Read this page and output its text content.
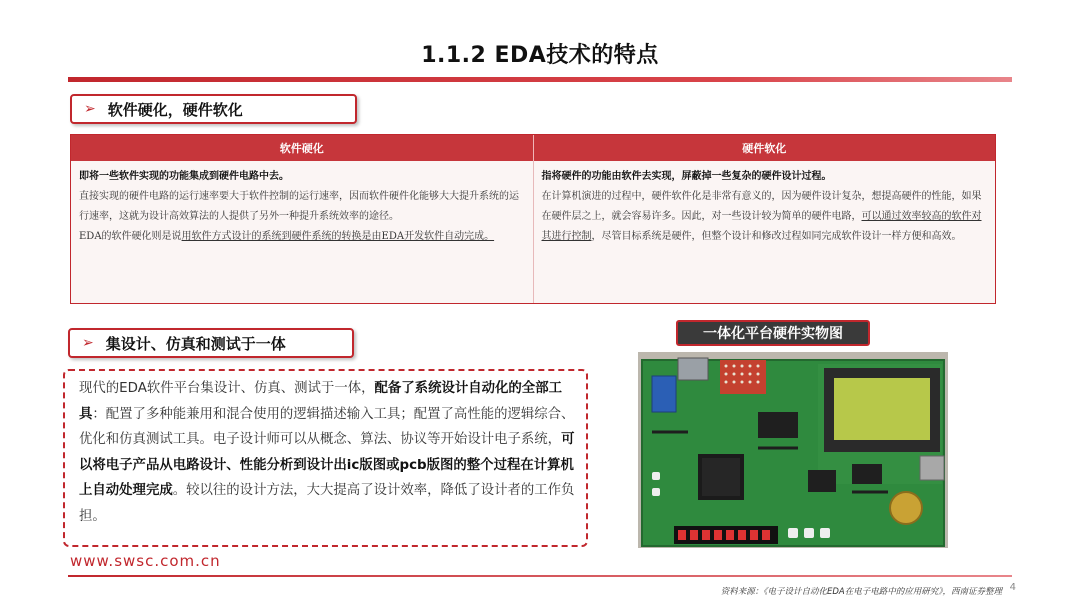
1.1.2 EDA技术的特点
➢ 软件硬化，硬件软化
软件硬化	硬件软化
即将一些软件实现的功能集成到硬件电路中去。
直接实现的硬件电路的运行速率要大于软件控制的运行速率，因而软件硬件化能够大大提升系统的运行速率，这就为设计高效算法的人提供了另外一种提升系统效率的途径。
EDA的软件硬化则是说用软件方式设计的系统到硬件系统的转换是由EDA开发软件自动完成。
指将硬件的功能由软件去实现，屏蔽掉一些复杂的硬件设计过程。
在计算机演进的过程中，硬件软件化是非常有意义的，因为硬件设计复杂，想提高硬件的性能，如果在硬件层之上，就会容易许多。因此，对一些设计较为简单的硬件电路，可以通过效率较高的软件对其进行控制，尽管目标系统是硬件，但整个设计和修改过程如同完成软件设计一样方便和高效。
➢ 集设计、仿真和测试于一体
现代的EDA软件平台集设计、仿真、测试于一体，配备了系统设计自动化的全部工具：配置了多种能兼用和混合使用的逻辑描述输入工具；配置了高性能的逻辑综合、优化和仿真测试工具。电子设计师可以从概念、算法、协议等开始设计电子系统，可以将电子产品从电路设计、性能分析到设计出ic版图或pcb版图的整个过程在计算机上自动处理完成。较以往的设计方法，大大提高了设计效率，降低了设计者的工作负担。
一体化平台硬件实物图
www.swsc.com.cn
资料来源：《电子设计自动化EDA在电子电路中的应用研究》，西南证券整理 4
